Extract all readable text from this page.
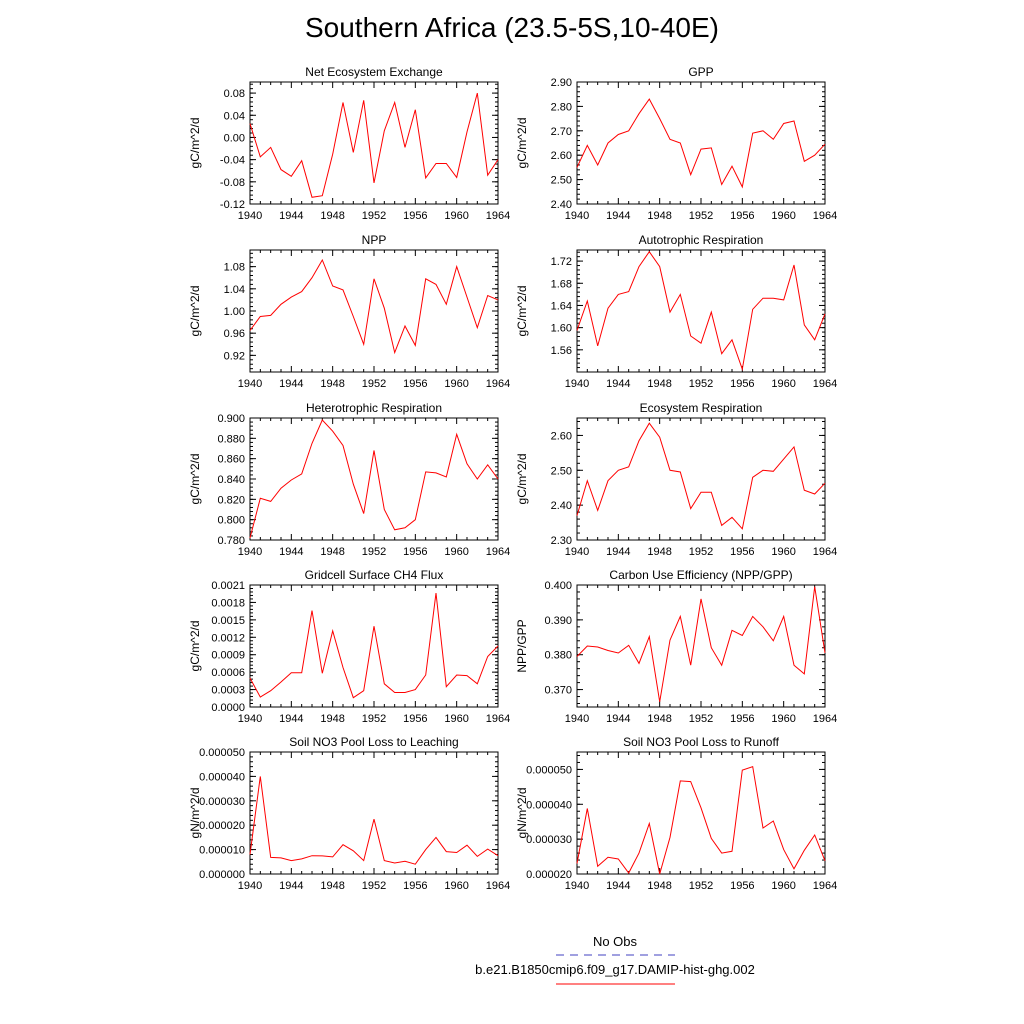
Southern Africa (23.5-5S,10-40E)
Net Ecosystem Exchange
gC/m^2/d
1940 1944 1948 1952 1956 1960 1964
-0.12
-0.08
-0.04
0.00
0.04
0.08
GPP
gC/m^2/d
1940 1944 1948 1952 1956 1960 1964
2.40
2.50
2.60
2.70
2.80
2.90
NPP
gC/m^2/d
1940 1944 1948 1952 1956 1960 1964
0.92
0.96
1.00
1.04
1.08
Autotrophic Respiration
gC/m^2/d
1940 1944 1948 1952 1956 1960 1964
1.56
1.60
1.64
1.68
1.72
Heterotrophic Respiration
gC/m^2/d
1940 1944 1948 1952 1956 1960 1964
0.780
0.800
0.820
0.840
0.860
0.880
0.900
Ecosystem Respiration
gC/m^2/d
1940 1944 1948 1952 1956 1960 1964
2.30
2.40
2.50
2.60
Gridcell Surface CH4 Flux
gC/m^2/d
1940 1944 1948 1952 1956 1960 1964
0.0000
0.0003
0.0006
0.0009
0.0012
0.0015
0.0018
0.0021
Carbon Use Efficiency (NPP/GPP)
NPP/GPP
1940 1944 1948 1952 1956 1960 1964
0.370
0.380
0.390
0.400
Soil NO3 Pool Loss to Leaching
gN/m^2/d
1940 1944 1948 1952 1956 1960 1964
0.000000
0.000010
0.000020
0.000030
0.000040
0.000050
Soil NO3 Pool Loss to Runoff
gN/m^2/d
1940 1944 1948 1952 1956 1960 1964
0.000020
0.000030
0.000040
0.000050
No Obs
b.e21.B1850cmip6.f09_g17.DAMIP-hist-ghg.002
